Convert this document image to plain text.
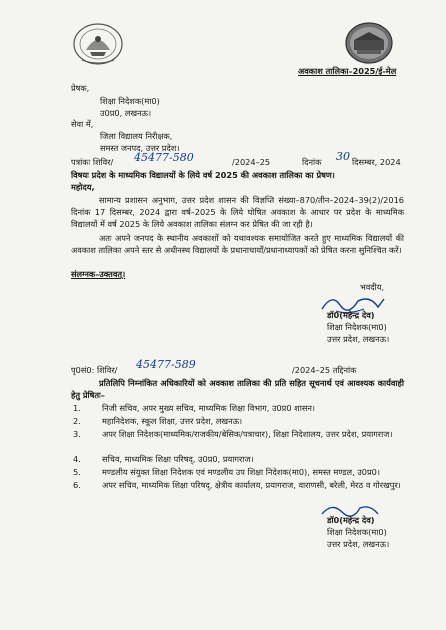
अवकाश तालिका–2025/ई-मेल
प्रेषक,
शिक्षा निदेशक(मा0)
उ0प्र0, लखनऊ।
सेवा में,
जिला विद्यालय निरीक्षक,
समस्त जनपद, उत्तर प्रदेश।
पत्रांकः शिविर/ 45477-580	/2024–25	दिनांक 30 दिसम्बर, 2024
विषयः प्रदेश के माध्यमिक विद्यालयों के लिये वर्ष 2025 की अवकाश तालिका का प्रेषण।
महोदय,
सामान्य प्रशासन अनुभाग, उत्तर प्रदेश शासन की विज्ञप्ति संख्या–870/तीन–2024–39(2)/2016 दिनांक 17 दिसम्बर, 2024 द्वारा वर्ष–2025 के लिये घोषित अवकाश के आधार पर प्रदेश के माध्यमिक विद्यालयों में वर्ष 2025 के लिये अवकाश तालिका संलग्न कर प्रेषित की जा रही है।
अतः अपने जनपद के स्थानीय अवकाशों को यथावश्यक समायोजित करते हुए माध्यमिक विद्यालयों की अवकाश तालिका अपने स्तर से अधीनस्थ विद्यालयों के प्रधानाचार्यों/प्रधानाध्यापकों को प्रेषित करना सुनिश्चित करें।
संलग्नक–उक्तवत्।
भवदीय,
डॉ0(महेन्द्र देव)
शिक्षा निदेशक(मा0)
उत्तर प्रदेश, लखनऊ।
पृ0सं0: शिविर/ 45477-589	/2024–25 तद्दिनांक
प्रतिलिपि निम्नांकित अधिकारियों को अवकाश तालिका की प्रति सहित सूचनार्थ एवं आवश्यक कार्यवाही हेतु प्रेषितः–
1.	निजी सचिव, अपर मुख्य सचिव, माध्यमिक शिक्षा विभाग, उ0प्र0 शासन।
2.	महानिदेशक, स्कूल शिक्षा, उत्तर प्रदेश, लखनऊ।
3.	अपर शिक्षा निदेशक(माध्यमिक/राजकीय/बेसिक/पत्राचार), शिक्षा निदेशालय, उत्तर प्रदेश, प्रयागराज।
4.	सचिव, माध्यमिक शिक्षा परिषद्, उ0प्र0, प्रयागराज।
5.	मण्डलीय संयुक्त शिक्षा निदेशक एवं मण्डलीय उप शिक्षा निदेशक(मा0), समस्त मण्डल, उ0प्र0।
6.	अपर सचिव, माध्यमिक शिक्षा परिषद्, क्षेत्रीय कार्यालय, प्रयागराज, वाराणसी, बरेली, मेरठ व गोरखपुर।
डॉ0(महेन्द्र देव)
शिक्षा निदेशक(मा0)
उत्तर प्रदेश, लखनऊ।
